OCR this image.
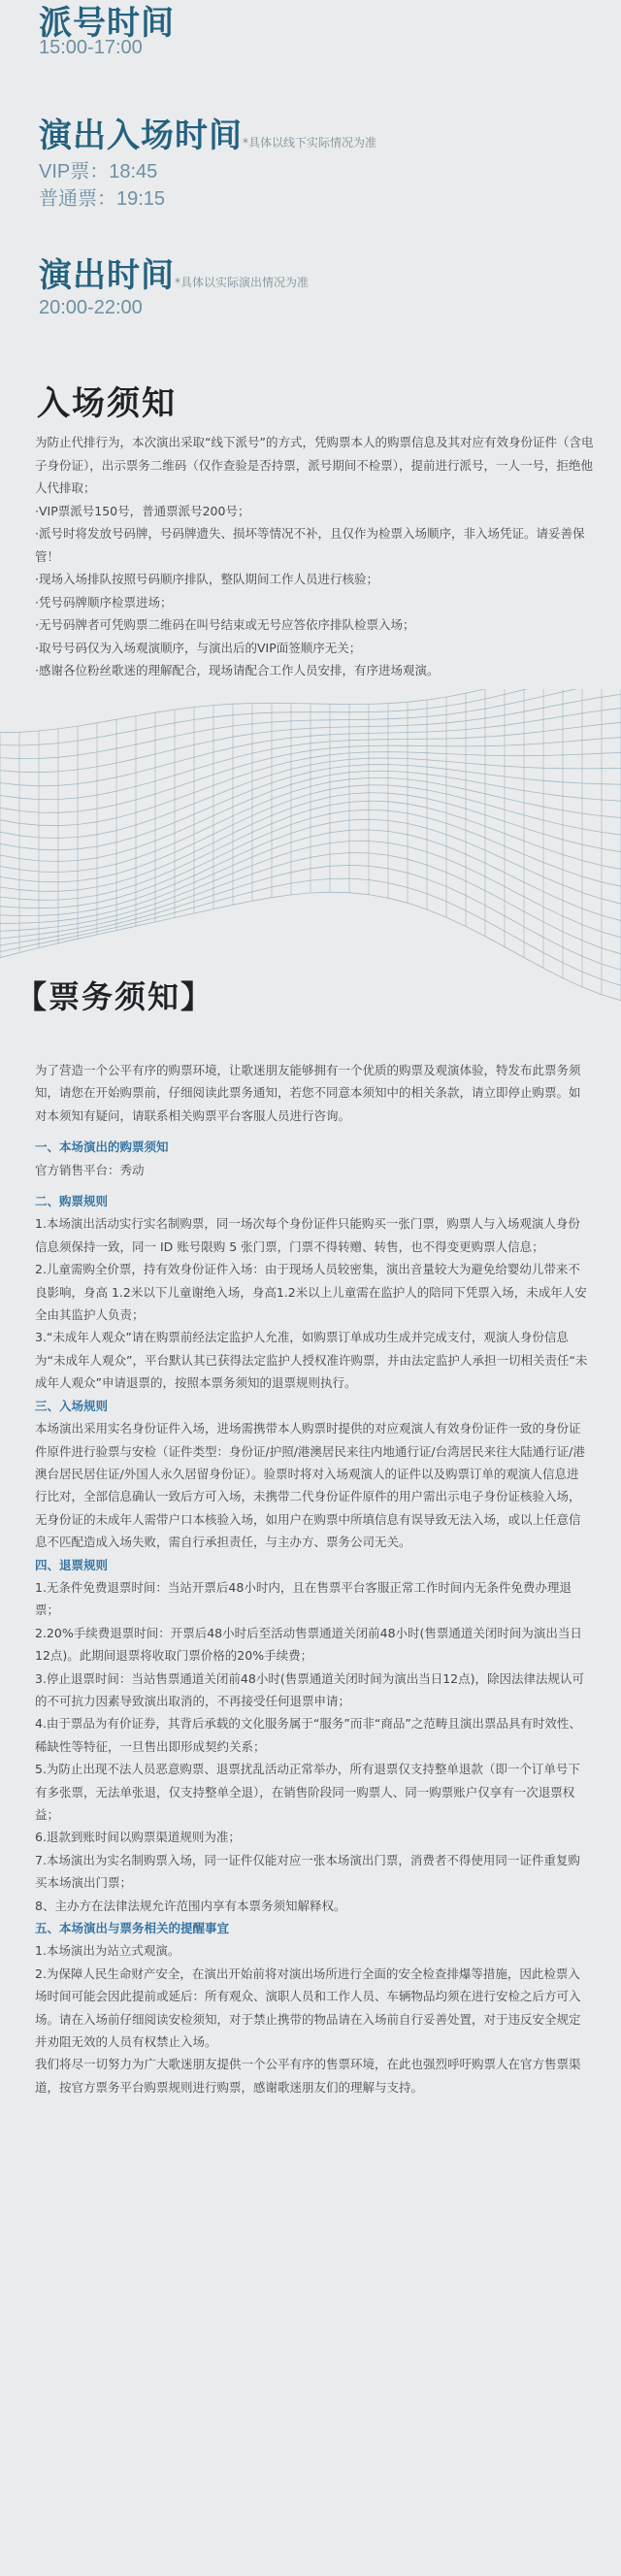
派号时间
15:00-17:00
演出入场时间*具体以线下实际情况为准
VIP票：18:45
普通票：19:15
演出时间*具体以实际演出情况为准
20:00-22:00
入场须知

为防止代排行为，本次演出采取“线下派号”的方式，凭购票本人的购票信息及其对应有效身份证件（含电子身份证），出示票务二维码（仅作查验是否持票，派号期间不检票），提前进行派号，一人一号，拒绝他人代排取；

·VIP票派号150号，普通票派号200号；

·派号时将发放号码牌，号码牌遗失、损坏等情况不补，且仅作为检票入场顺序，非入场凭证。请妥善保管！

·现场入场排队按照号码顺序排队，整队期间工作人员进行核验；

·凭号码牌顺序检票进场；

·无号码牌者可凭购票二维码在叫号结束或无号应答依序排队检票入场；

·取号号码仅为入场观演顺序，与演出后的VIP面签顺序无关；

·感谢各位粉丝歌迷的理解配合，现场请配合工作人员安排，有序进场观演。

【票务须知】

为了营造一个公平有序的购票环境，让歌迷朋友能够拥有一个优质的购票及观演体验，特发布此票务须知，请您在开始购票前，仔细阅读此票务通知，若您不同意本须知中的相关条款，请立即停止购票。如对本须知有疑问，请联系相关购票平台客服人员进行咨询。

一、本场演出的购票须知

官方销售平台：秀动

二、购票规则

1.本场演出活动实行实名制购票，同一场次每个身份证件只能购买一张门票，购票人与入场观演人身份信息须保持一致，同一 ID 账号限购 5 张门票，门票不得转赠、转售，也不得变更购票人信息；

2.儿童需购全价票，持有效身份证件入场：由于现场人员较密集，演出音量较大为避免给婴幼儿带来不良影响，身高 1.2米以下儿童谢绝入场，身高1.2米以上儿童需在监护人的陪同下凭票入场，未成年人安全由其监护人负责；

3.“未成年人观众”请在购票前经法定监护人允准，如购票订单成功生成并完成支付，观演人身份信息为“未成年人观众”，平台默认其已获得法定监护人授权准许购票，并由法定监护人承担一切相关责任“未成年人观众”申请退票的，按照本票务须知的退票规则执行。

三、入场规则

本场演出采用实名身份证件入场，进场需携带本人购票时提供的对应观演人有效身份证件一致的身份证件原件进行验票与安检（证件类型：身份证/护照/港澳居民来往内地通行证/台湾居民来往大陆通行证/港澳台居民居住证/外国人永久居留身份证）。验票时将对入场观演人的证件以及购票订单的观演人信息进行比对，全部信息确认一致后方可入场，未携带二代身份证件原件的用户需出示电子身份证核验入场，无身份证的未成年人需带户口本核验入场，如用户在购票中所填信息有误导致无法入场，或以上任意信息不匹配造成入场失败，需自行承担责任，与主办方、票务公司无关。

四、退票规则

1.无条件免费退票时间：当站开票后48小时内，且在售票平台客服正常工作时间内无条件免费办理退票；

2.20%手续费退票时间：开票后48小时后至活动售票通道关闭前48小时(售票通道关闭时间为演出当日12点)。此期间退票将收取门票价格的20%手续费；

3.停止退票时间：当站售票通道关闭前48小时(售票通道关闭时间为演出当日12点)，除因法律法规认可的不可抗力因素导致演出取消的，不再接受任何退票申请；

4.由于票品为有价证券，其背后承载的文化服务属于“服务”而非“商品”之范畴且演出票品具有时效性、稀缺性等特征，一旦售出即形成契约关系；

5.为防止出现不法人员恶意购票、退票扰乱活动正常举办，所有退票仅支持整单退款（即一个订单号下有多张票，无法单张退，仅支持整单全退），在销售阶段同一购票人、同一购票账户仅享有一次退票权益；

6.退款到账时间以购票渠道规则为准；

7.本场演出为实名制购票入场，同一证件仅能对应一张本场演出门票，消费者不得使用同一证件重复购买本场演出门票；

8、主办方在法律法规允许范围内享有本票务须知解释权。

五、本场演出与票务相关的提醒事宜

1.本场演出为站立式观演。

2.为保障人民生命财产安全，在演出开始前将对演出场所进行全面的安全检查排爆等措施，因此检票入场时间可能会因此提前或延后：所有观众、演职人员和工作人员、车辆物品均须在进行安检之后方可入场。请在入场前仔细阅读安检须知，对于禁止携带的物品请在入场前自行妥善处置，对于违反安全规定并劝阻无效的人员有权禁止入场。

我们将尽一切努力为广大歌迷朋友提供一个公平有序的售票环境，在此也强烈呼吁购票人在官方售票渠道，按官方票务平台购票规则进行购票，感谢歌迷朋友们的理解与支持。
